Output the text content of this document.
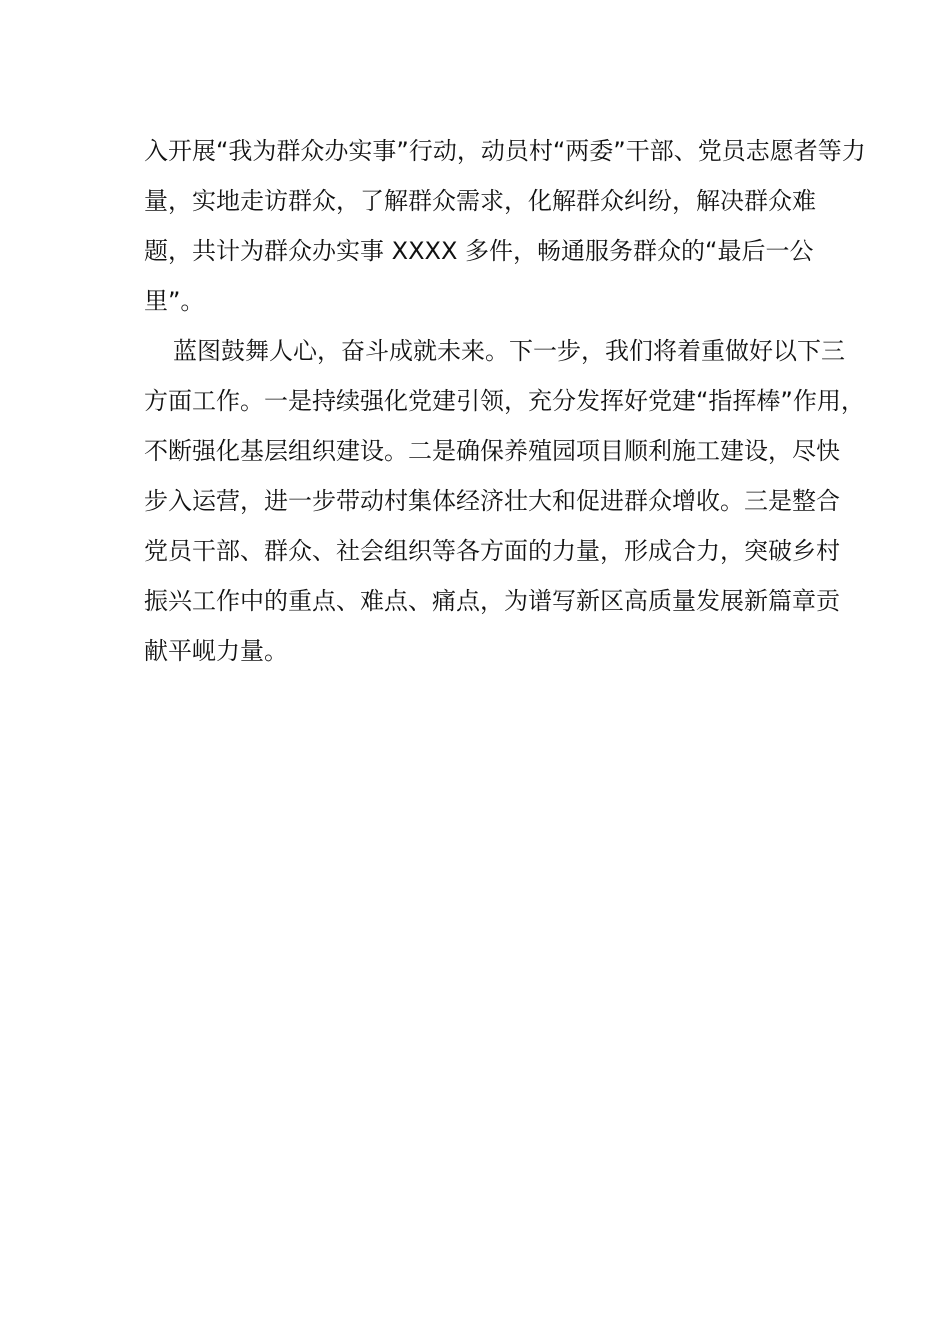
入开展“我为群众办实事”行动，动员村“两委”干部、党员志愿者等力
量，实地走访群众，了解群众需求，化解群众纠纷，解决群众难
题，共计为群众办实事 XXXX 多件，畅通服务群众的“最后一公
里”。
蓝图鼓舞人心，奋斗成就未来。下一步，我们将着重做好以下三
方面工作。一是持续强化党建引领，充分发挥好党建“指挥棒”作用，
不断强化基层组织建设。二是确保养殖园项目顺利施工建设，尽快
步入运营，进一步带动村集体经济壮大和促进群众增收。三是整合
党员干部、群众、社会组织等各方面的力量，形成合力，突破乡村
振兴工作中的重点、难点、痛点，为谱写新区高质量发展新篇章贡
献平岘力量。
